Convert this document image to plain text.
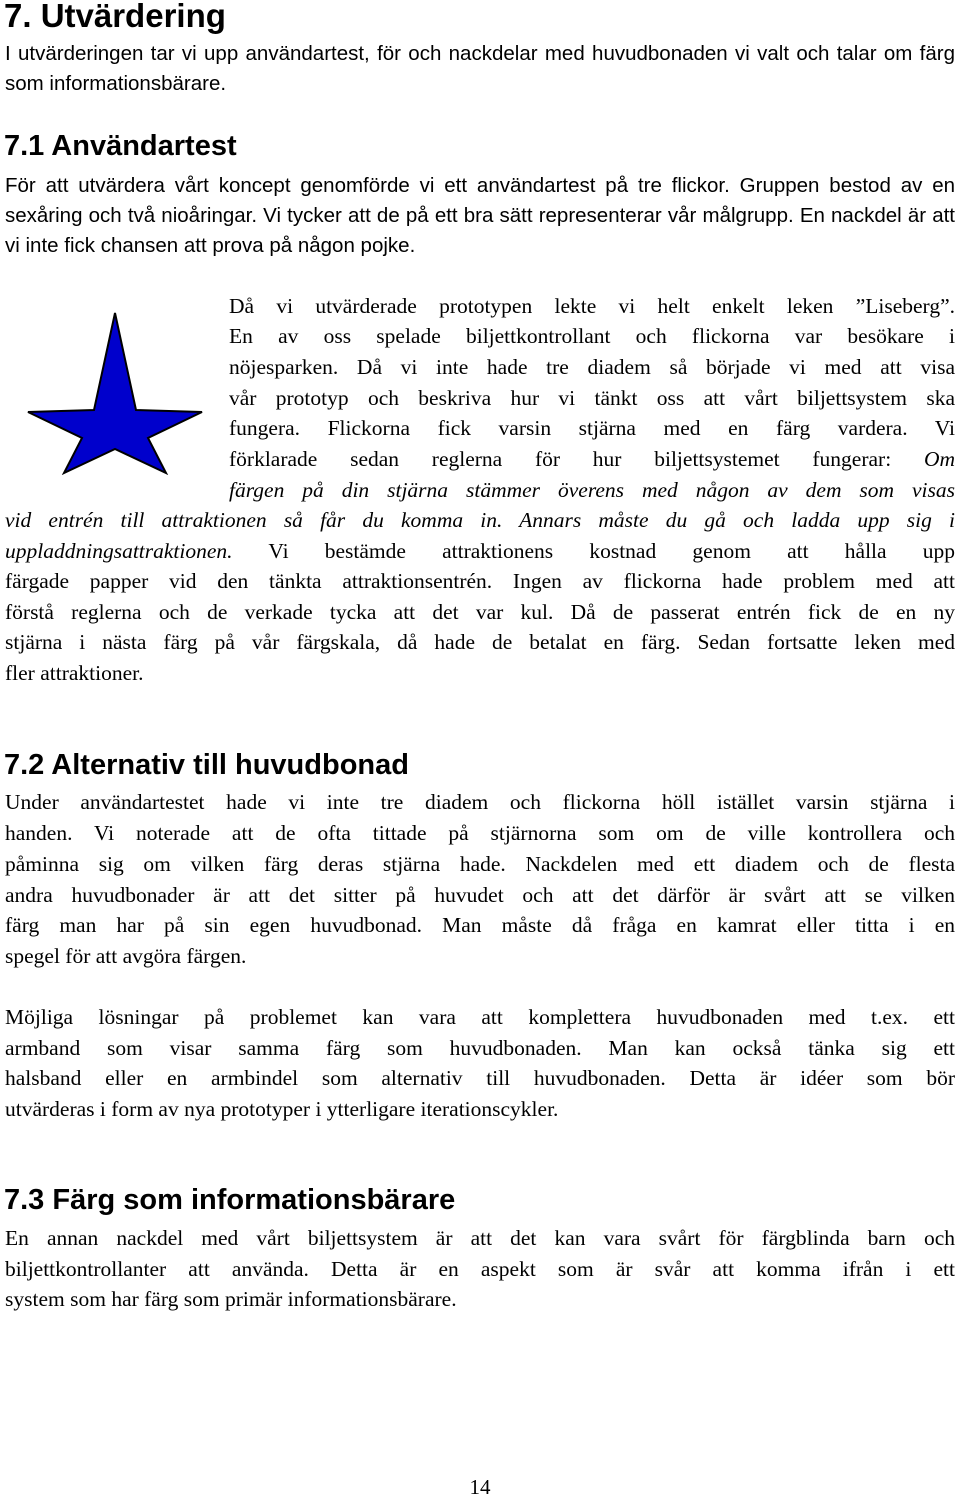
7. Utvärdering
I utvärderingen tar vi upp användartest, för och nackdelar med huvudbonaden vi valt och talar om färg som informationsbärare.
7.1 Användartest
För att utvärdera vårt koncept genomförde vi ett användartest på tre flickor. Gruppen bestod av en sexåring och två nioåringar. Vi tycker att de på ett bra sätt representerar vår målgrupp. En nackdel är att vi inte fick chansen att prova på någon pojke.
Då vi utvärderade prototypen lekte vi helt enkelt leken ”Liseberg”.
En av oss spelade biljettkontrollant och flickorna var besökare i
nöjesparken. Då vi inte hade tre diadem så började vi med att visa
vår prototyp och beskriva hur vi tänkt oss att vårt biljettsystem ska
fungera. Flickorna fick varsin stjärna med en färg vardera. Vi
förklarade sedan reglerna för hur biljettsystemet fungerar: Om
färgen på din stjärna stämmer överens med någon av dem som visas
vid entrén till attraktionen så får du komma in. Annars måste du gå och ladda upp sig i
uppladdningsattraktionen. Vi bestämde attraktionens kostnad genom att hålla upp
färgade papper vid den tänkta attraktionsentrén. Ingen av flickorna hade problem med att
förstå reglerna och de verkade tycka att det var kul. Då de passerat entrén fick de en ny
stjärna i nästa färg på vår färgskala, då hade de betalat en färg. Sedan fortsatte leken med
fler attraktioner.
7.2 Alternativ till huvudbonad
Under användartestet hade vi inte tre diadem och flickorna höll istället varsin stjärna i
handen. Vi noterade att de ofta tittade på stjärnorna som om de ville kontrollera och
påminna sig om vilken färg deras stjärna hade. Nackdelen med ett diadem och de flesta
andra huvudbonader är att det sitter på huvudet och att det därför är svårt att se vilken
färg man har på sin egen huvudbonad. Man måste då fråga en kamrat eller titta i en
spegel för att avgöra färgen.
Möjliga lösningar på problemet kan vara att komplettera huvudbonaden med t.ex. ett
armband som visar samma färg som huvudbonaden. Man kan också tänka sig ett
halsband eller en armbindel som alternativ till huvudbonaden. Detta är idéer som bör
utvärderas i form av nya prototyper i ytterligare iterationscykler.
7.3 Färg som informationsbärare
En annan nackdel med vårt biljettsystem är att det kan vara svårt för färgblinda barn och
biljettkontrollanter att använda. Detta är en aspekt som är svår att komma ifrån i ett
system som har färg som primär informationsbärare.
14
